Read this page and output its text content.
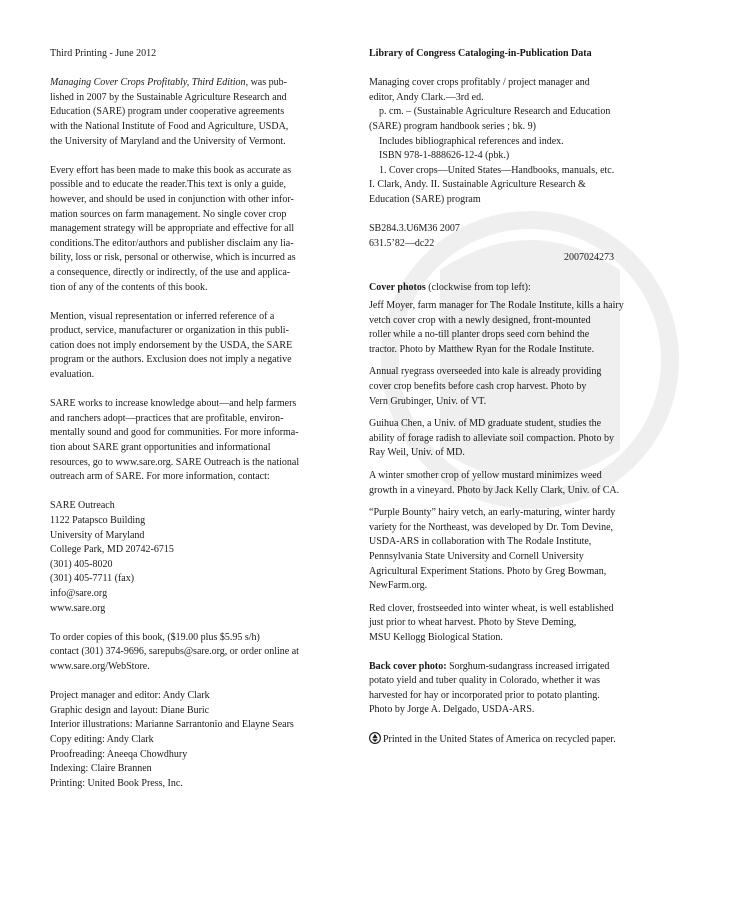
Third Printing - June 2012

Managing Cover Crops Profitably, Third Edition, was pub-
lished in 2007 by the Sustainable Agriculture Research and
Education (SARE) program under cooperative agreements
with the National Institute of Food and Agriculture, USDA,
the University of Maryland and the University of Vermont.

Every effort has been made to make this book as accurate as
possible and to educate the reader.This text is only a guide,
however, and should be used in conjunction with other infor-
mation sources on farm management. No single cover crop
management strategy will be appropriate and effective for all
conditions.The editor/authors and publisher disclaim any lia-
bility, loss or risk, personal or otherwise, which is incurred as
a consequence, directly or indirectly, of the use and applica-
tion of any of the contents of this book.

Mention, visual representation or inferred reference of a
product, service, manufacturer or organization in this publi-
cation does not imply endorsement by the USDA, the SARE
program or the authors. Exclusion does not imply a negative
evaluation.

SARE works to increase knowledge about—and help farmers
and ranchers adopt—practices that are profitable, environ-
mentally sound and good for communities. For more informa-
tion about SARE grant opportunities and informational
resources, go to www.sare.org. SARE Outreach is the national
outreach arm of SARE. For more information, contact:

SARE Outreach
1122 Patapsco Building
University of Maryland
College Park, MD 20742-6715
(301) 405-8020
(301) 405-7711 (fax)
info@sare.org
www.sare.org

To order copies of this book, ($19.00 plus $5.95 s/h)
contact (301) 374-9696, sarepubs@sare.org, or order online at
www.sare.org/WebStore.

Project manager and editor: Andy Clark
Graphic design and layout: Diane Buric
Interior illustrations: Marianne Sarrantonio and Elayne Sears
Copy editing: Andy Clark
Proofreading: Aneeqa Chowdhury
Indexing: Claire Brannen
Printing: United Book Press, Inc.

Library of Congress Cataloging-in-Publication Data

Managing cover crops profitably / project manager and
editor, Andy Clark.—3rd ed.
p. cm. – (Sustainable Agriculture Research and Education
(SARE) program handbook series ; bk. 9)
Includes bibliographical references and index.
ISBN 978-1-888626-12-4 (pbk.)
1. Cover crops—United States—Handbooks, manuals, etc.
I. Clark, Andy. II. Sustainable Agriculture Research &
Education (SARE) program

SB284.3.U6M36 2007
631.5’82—dc22

2007024273

Cover photos (clockwise from top left):

Jeff Moyer, farm manager for The Rodale Institute, kills a hairy
vetch cover crop with a newly designed, front-mounted
roller while a no-till planter drops seed corn behind the
tractor. Photo by Matthew Ryan for the Rodale Institute.

Annual ryegrass overseeded into kale is already providing
cover crop benefits before cash crop harvest. Photo by
Vern Grubinger, Univ. of VT.

Guihua Chen, a Univ. of MD graduate student, studies the
ability of forage radish to alleviate soil compaction. Photo by
Ray Weil, Univ. of MD.

A winter smother crop of yellow mustard minimizes weed
growth in a vineyard. Photo by Jack Kelly Clark, Univ. of CA.

“Purple Bounty” hairy vetch, an early-maturing, winter hardy
variety for the Northeast, was developed by Dr. Tom Devine,
USDA-ARS in collaboration with The Rodale Institute,
Pennsylvania State University and Cornell University
Agricultural Experiment Stations. Photo by Greg Bowman,
NewFarm.org.

Red clover, frostseeded into winter wheat, is well established
just prior to wheat harvest. Photo by Steve Deming,
MSU Kellogg Biological Station.

Back cover photo: Sorghum-sudangrass increased irrigated
potato yield and tuber quality in Colorado, whether it was
harvested for hay or incorporated prior to potato planting.
Photo by Jorge A. Delgado, USDA-ARS.

Printed in the United States of America on recycled paper.
